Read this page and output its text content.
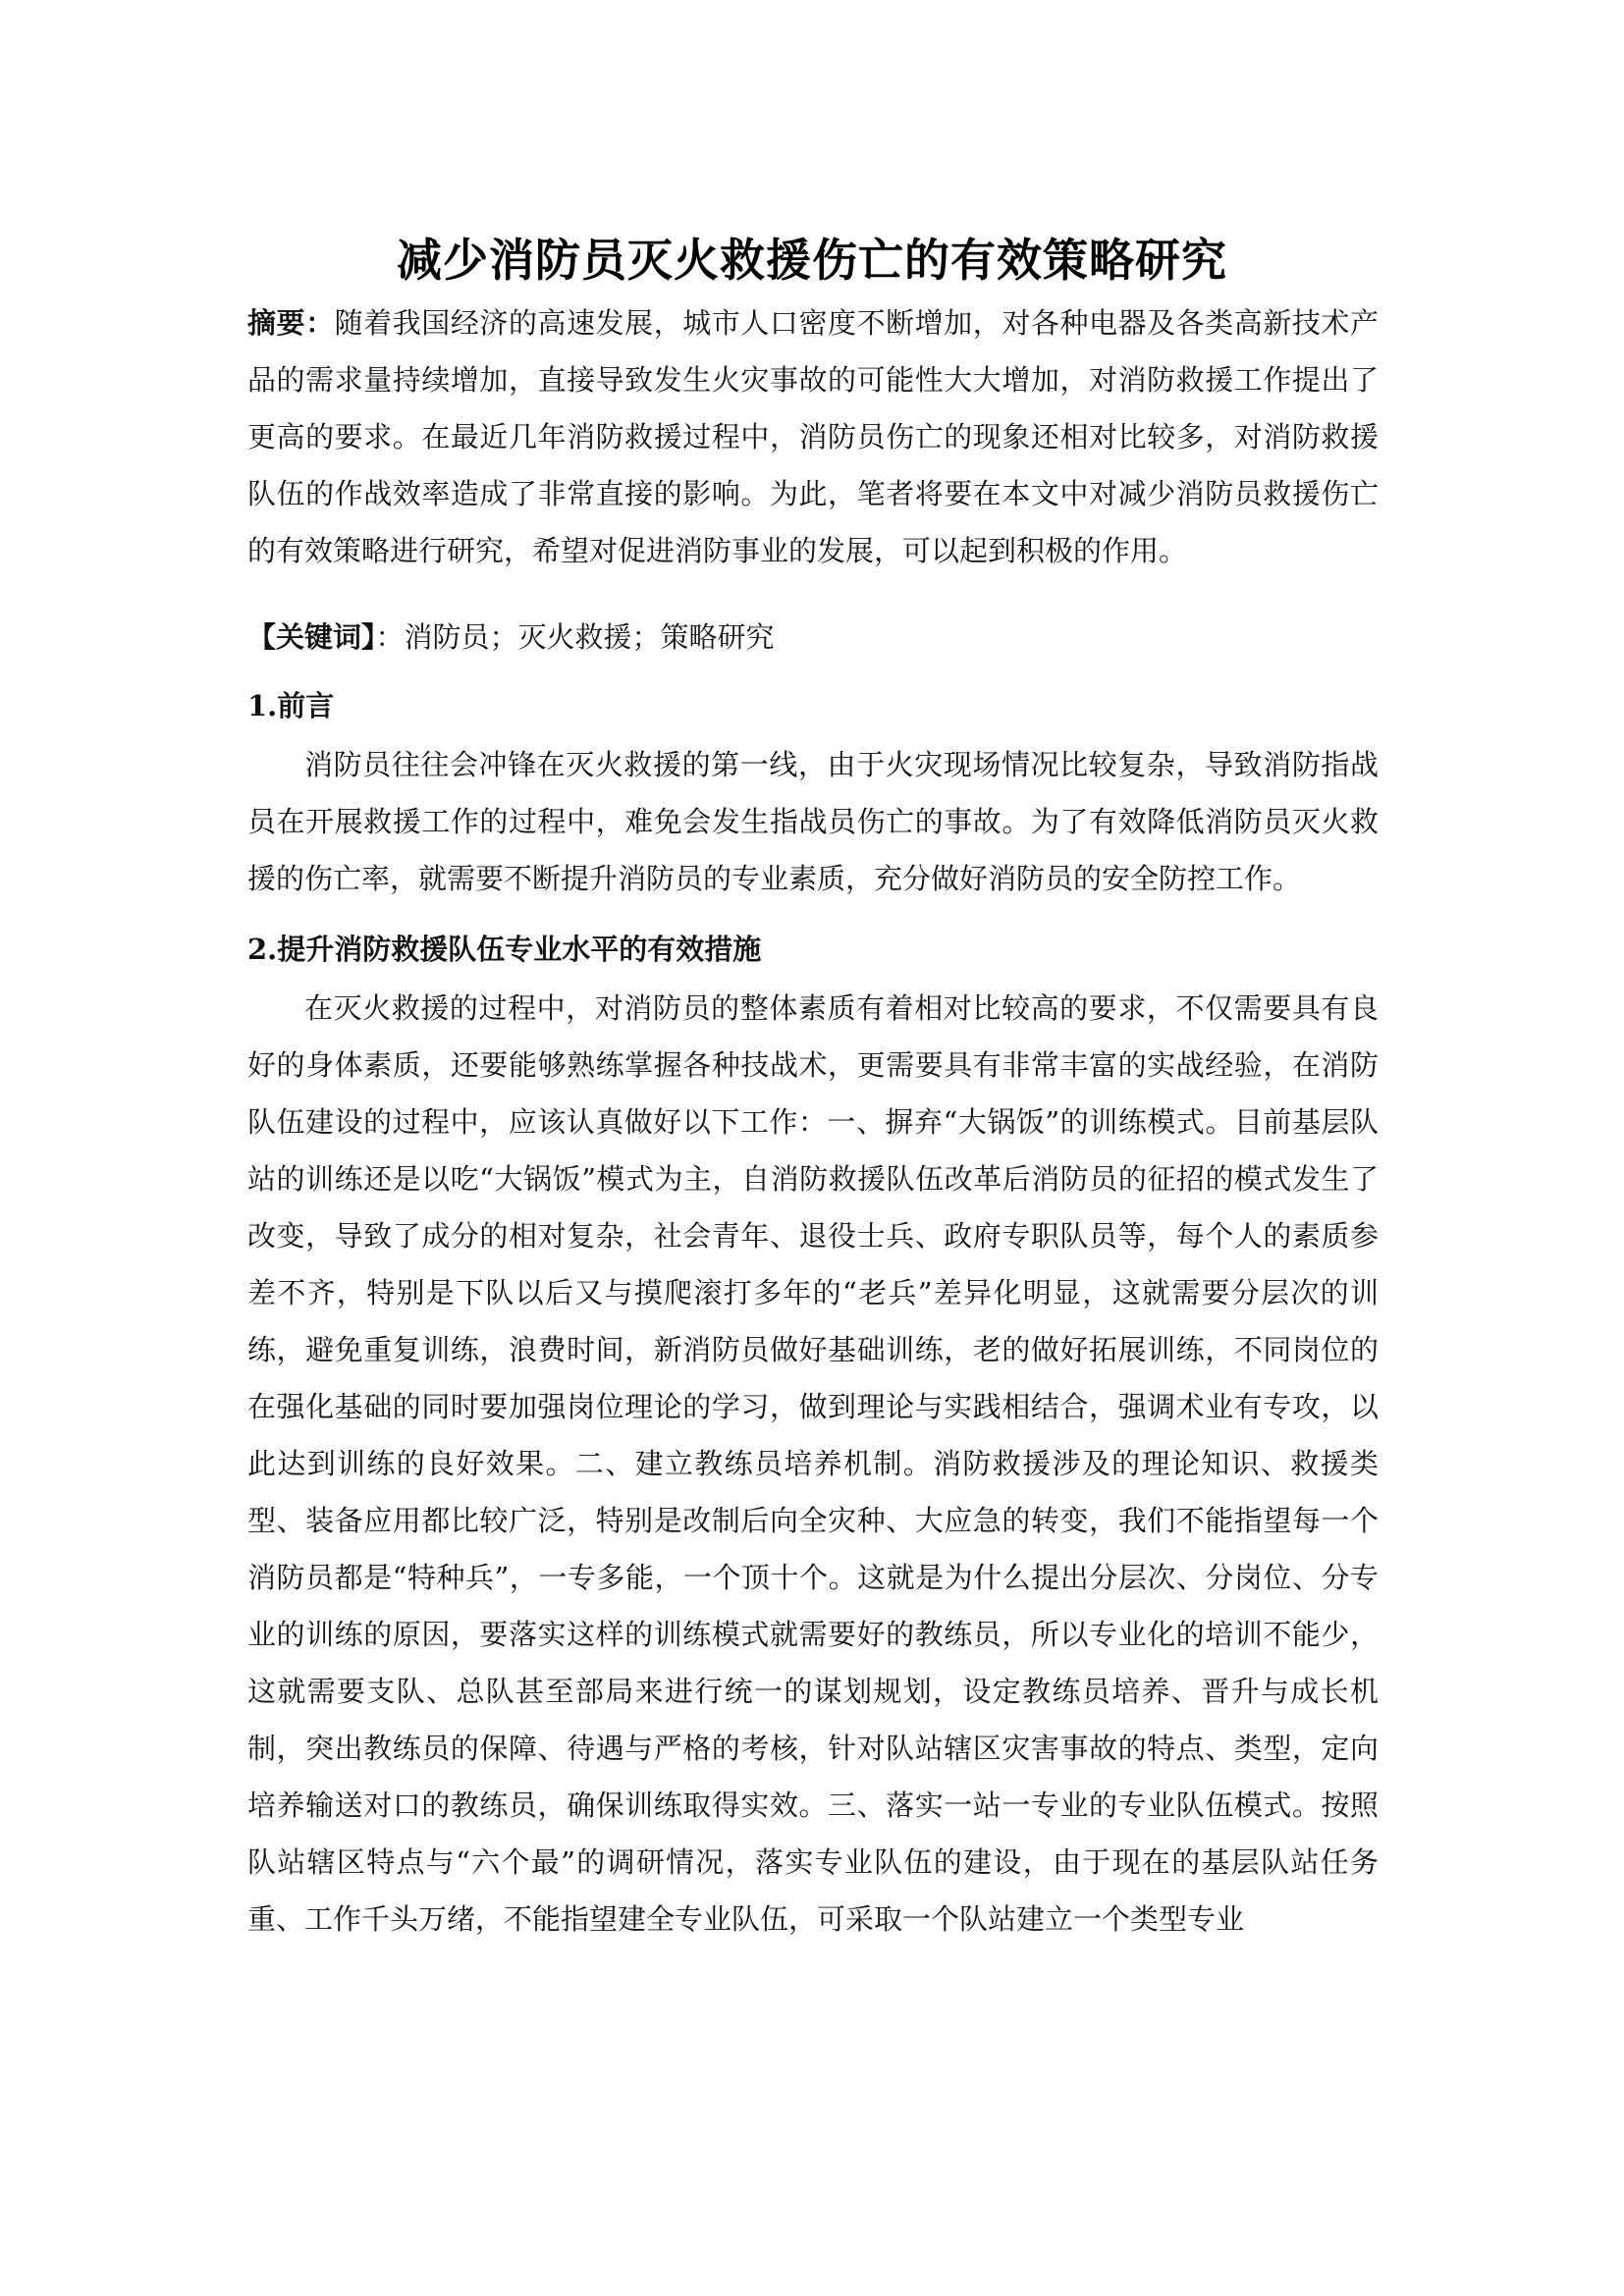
减少消防员灭火救援伤亡的有效策略研究
摘要：随着我国经济的高速发展，城市人口密度不断增加，对各种电器及各类高新技术产品的需求量持续增加，直接导致发生火灾事故的可能性大大增加，对消防救援工作提出了更高的要求。在最近几年消防救援过程中，消防员伤亡的现象还相对比较多，对消防救援队伍的作战效率造成了非常直接的影响。为此，笔者将要在本文中对减少消防员救援伤亡的有效策略进行研究，希望对促进消防事业的发展，可以起到积极的作用。
【关键词】：消防员；灭火救援；策略研究
1.前言
消防员往往会冲锋在灭火救援的第一线，由于火灾现场情况比较复杂，导致消防指战员在开展救援工作的过程中，难免会发生指战员伤亡的事故。为了有效降低消防员灭火救援的伤亡率，就需要不断提升消防员的专业素质，充分做好消防员的安全防控工作。
2.提升消防救援队伍专业水平的有效措施
在灭火救援的过程中，对消防员的整体素质有着相对比较高的要求，不仅需要具有良好的身体素质，还要能够熟练掌握各种技战术，更需要具有非常丰富的实战经验，在消防队伍建设的过程中，应该认真做好以下工作：一、摒弃“大锅饭”的训练模式。目前基层队站的训练还是以吃“大锅饭”模式为主，自消防救援队伍改革后消防员的征招的模式发生了改变，导致了成分的相对复杂，社会青年、退役士兵、政府专职队员等，每个人的素质参差不齐，特别是下队以后又与摸爬滚打多年的“老兵”差异化明显，这就需要分层次的训练，避免重复训练，浪费时间，新消防员做好基础训练，老的做好拓展训练，不同岗位的在强化基础的同时要加强岗位理论的学习，做到理论与实践相结合，强调术业有专攻，以此达到训练的良好效果。二、建立教练员培养机制。消防救援涉及的理论知识、救援类型、装备应用都比较广泛，特别是改制后向全灾种、大应急的转变，我们不能指望每一个消防员都是“特种兵”，一专多能，一个顶十个。这就是为什么提出分层次、分岗位、分专业的训练的原因，要落实这样的训练模式就需要好的教练员，所以专业化的培训不能少，这就需要支队、总队甚至部局来进行统一的谋划规划，设定教练员培养、晋升与成长机制，突出教练员的保障、待遇与严格的考核，针对队站辖区灾害事故的特点、类型，定向培养输送对口的教练员，确保训练取得实效。三、落实一站一专业的专业队伍模式。按照队站辖区特点与“六个最”的调研情况，落实专业队伍的建设，由于现在的基层队站任务重、工作千头万绪，不能指望建全专业队伍，可采取一个队站建立一个类型专业
